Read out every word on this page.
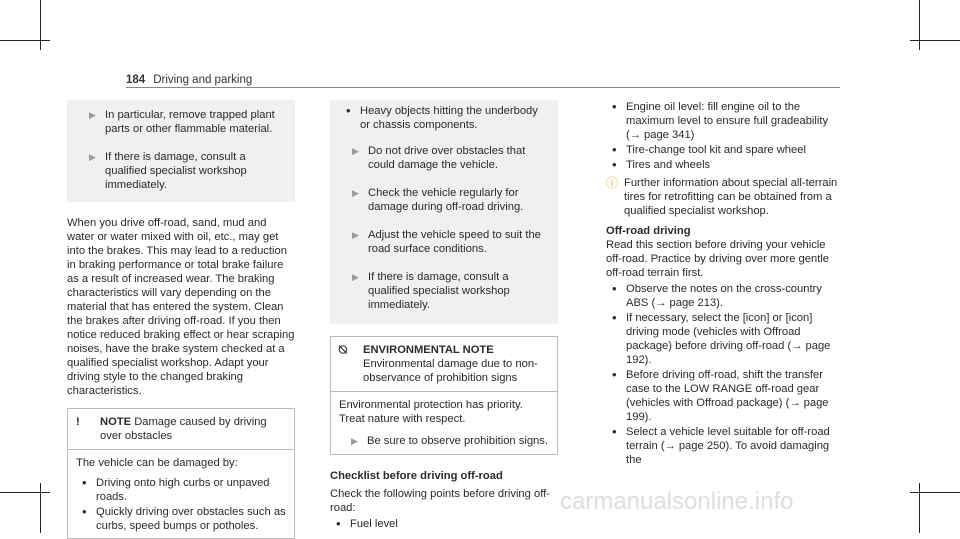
184 Driving and parking
▶ In particular, remove trapped plant parts or other flammable material.
▶ If there is damage, consult a qualified specialist workshop immediately.
When you drive off-road, sand, mud and water or water mixed with oil, etc., may get into the brakes. This may lead to a reduction in braking performance or total brake failure as a result of increased wear. The braking characteristics will vary depending on the material that has entered the system. Clean the brakes after driving off-road. If you then notice reduced braking effect or hear scraping noises, have the brake system checked at a qualified specialist workshop. Adapt your driving style to the changed braking characteristics.
!	NOTE Damage caused by driving over obstacles
The vehicle can be damaged by:
• Driving onto high curbs or unpaved roads.
• Quickly driving over obstacles such as curbs, speed bumps or potholes.
• Heavy objects hitting the underbody or chassis components.
▶ Do not drive over obstacles that could damage the vehicle.
▶ Check the vehicle regularly for damage during off-road driving.
▶ Adjust the vehicle speed to suit the road surface conditions.
▶ If there is damage, consult a qualified specialist workshop immediately.
⍉	ENVIRONMENTAL NOTE Environmental damage due to non-observance of prohibition signs
Environmental protection has priority. Treat nature with respect.
▶ Be sure to observe prohibition signs.
Checklist before driving off-road
Check the following points before driving off-road:
• Fuel level
• Engine oil level: fill engine oil to the maximum level to ensure full gradeability (→ page 341)
• Tire-change tool kit and spare wheel
• Tires and wheels
ⓘ Further information about special all-terrain tires for retrofitting can be obtained from a qualified specialist workshop.
Off-road driving
Read this section before driving your vehicle off-road. Practice by driving over more gentle off-road terrain first.
• Observe the notes on the cross-country ABS (→ page 213).
• If necessary, select the [icon] or [icon] driving mode (vehicles with Offroad package) before driving off-road (→ page 192).
• Before driving off-road, shift the transfer case to the LOW RANGE off-road gear (vehicles with Offroad package) (→ page 199).
• Select a vehicle level suitable for off-road terrain (→ page 250). To avoid damaging the
carmanualsonline.info
